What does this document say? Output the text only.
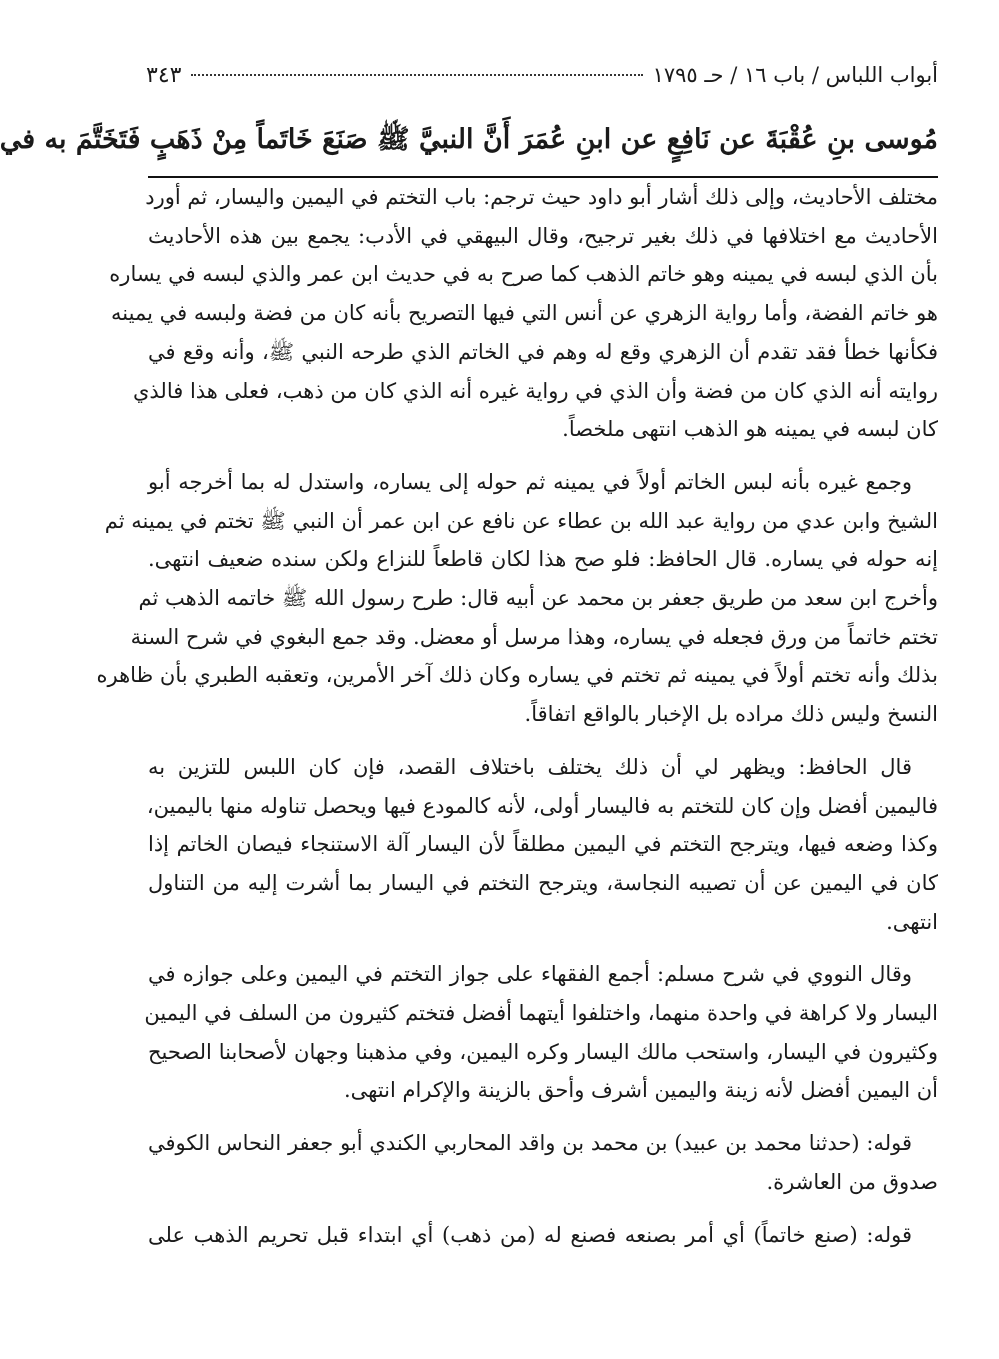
أبواب اللباس / باب ١٦ / حـ ١٧٩٥
٣٤٣
مُوسى بنِ عُقْبَةَ عن نَافِعٍ عن ابنِ عُمَرَ أَنَّ النبيَّ ﷺ صَنَعَ خَاتَماً مِنْ ذَهَبٍ فَتَخَتَّمَ به في

مختلف الأحاديث، وإلى ذلك أشار أبو داود حيث ترجم: باب التختم في اليمين واليسار، ثم أورد
الأحاديث مع اختلافها في ذلك بغير ترجيح، وقال البيهقي في الأدب: يجمع بين هذه الأحاديث
بأن الذي لبسه في يمينه وهو خاتم الذهب كما صرح به في حديث ابن عمر والذي لبسه في يساره
هو خاتم الفضة، وأما رواية الزهري عن أنس التي فيها التصريح بأنه كان من فضة ولبسه في يمينه
فكأنها خطأ فقد تقدم أن الزهري وقع له وهم في الخاتم الذي طرحه النبي ﷺ، وأنه وقع في
روايته أنه الذي كان من فضة وأن الذي في رواية غيره أنه الذي كان من ذهب، فعلى هذا فالذي
كان لبسه في يمينه هو الذهب انتهى ملخصاً.

وجمع غيره بأنه لبس الخاتم أولاً في يمينه ثم حوله إلى يساره، واستدل له بما أخرجه أبو
الشيخ وابن عدي من رواية عبد الله بن عطاء عن نافع عن ابن عمر أن النبي ﷺ تختم في يمينه ثم
إنه حوله في يساره. قال الحافظ: فلو صح هذا لكان قاطعاً للنزاع ولكن سنده ضعيف انتهى.
وأخرج ابن سعد من طريق جعفر بن محمد عن أبيه قال: طرح رسول الله ﷺ خاتمه الذهب ثم
تختم خاتماً من ورق فجعله في يساره، وهذا مرسل أو معضل. وقد جمع البغوي في شرح السنة
بذلك وأنه تختم أولاً في يمينه ثم تختم في يساره وكان ذلك آخر الأمرين، وتعقبه الطبري بأن ظاهره
النسخ وليس ذلك مراده بل الإخبار بالواقع اتفاقاً.

قال الحافظ: ويظهر لي أن ذلك يختلف باختلاف القصد، فإن كان اللبس للتزين به
فاليمين أفضل وإن كان للتختم به فاليسار أولى، لأنه كالمودع فيها ويحصل تناوله منها باليمين،
وكذا وضعه فيها، ويترجح التختم في اليمين مطلقاً لأن اليسار آلة الاستنجاء فيصان الخاتم إذا
كان في اليمين عن أن تصيبه النجاسة، ويترجح التختم في اليسار بما أشرت إليه من التناول
انتهى.

وقال النووي في شرح مسلم: أجمع الفقهاء على جواز التختم في اليمين وعلى جوازه في
اليسار ولا كراهة في واحدة منهما، واختلفوا أيتهما أفضل فتختم كثيرون من السلف في اليمين
وكثيرون في اليسار، واستحب مالك اليسار وكره اليمين، وفي مذهبنا وجهان لأصحابنا الصحيح
أن اليمين أفضل لأنه زينة واليمين أشرف وأحق بالزينة والإكرام انتهى.

قوله: (حدثنا محمد بن عبيد) بن محمد بن واقد المحاربي الكندي أبو جعفر النحاس الكوفي
صدوق من العاشرة.

قوله: (صنع خاتماً) أي أمر بصنعه فصنع له (من ذهب) أي ابتداء قبل تحريم الذهب على
